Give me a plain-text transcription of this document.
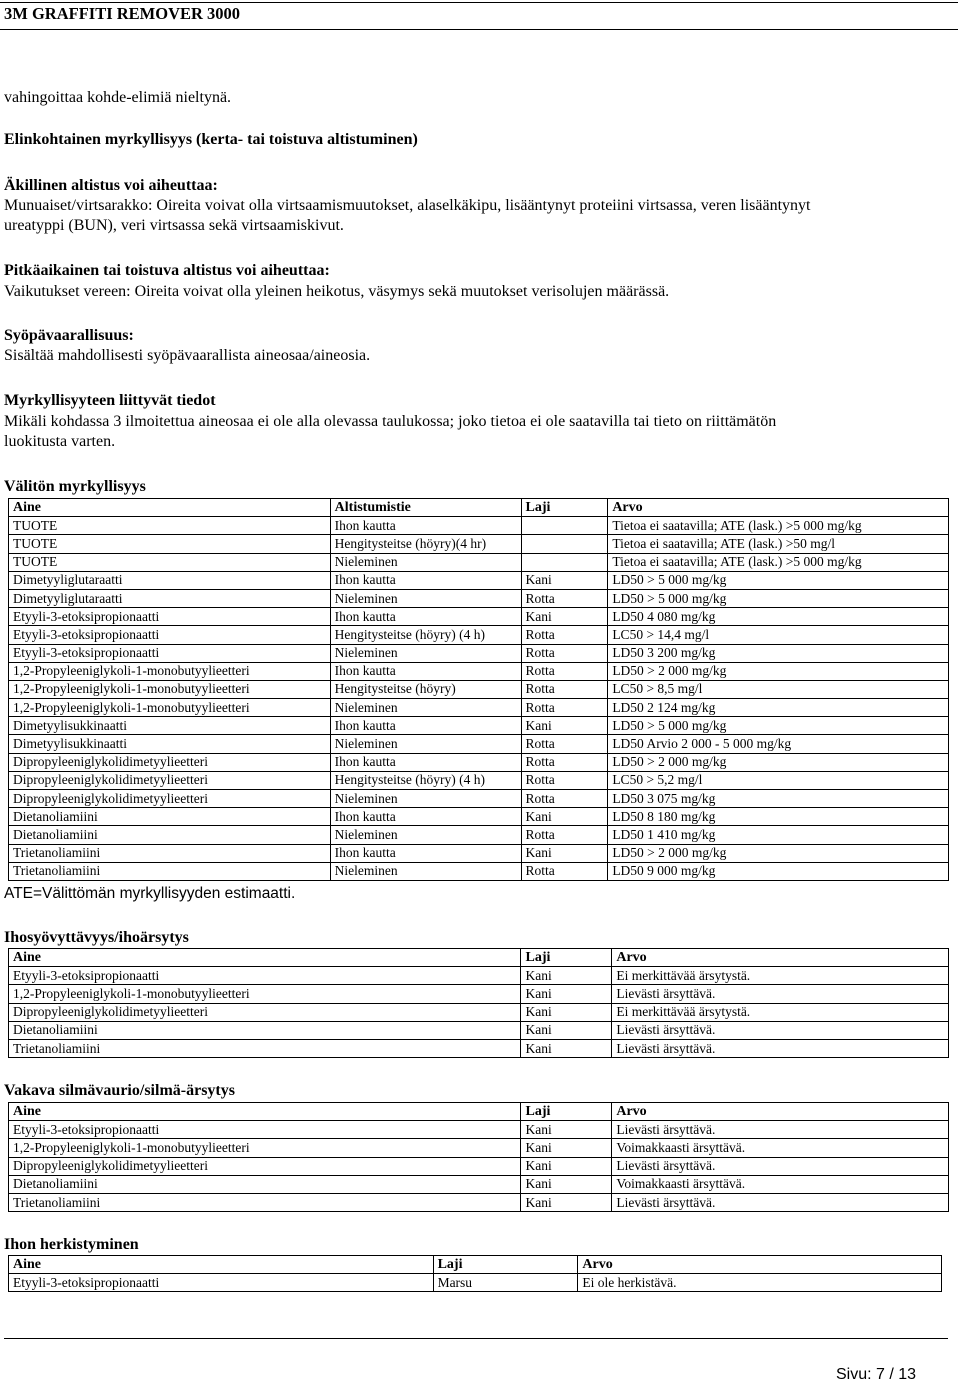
3M GRAFFITI REMOVER 3000
vahingoittaa kohde-elimiä nieltynä.
Elinkohtainen myrkyllisyys (kerta- tai toistuva altistuminen)
Äkillinen altistus voi aiheuttaa:
Munuaiset/virtsarakko: Oireita voivat olla virtsaamismuutokset, alaselkäkipu, lisääntynyt proteiini virtsassa, veren lisääntynyt
ureatyppi (BUN), veri virtsassa sekä virtsaamiskivut.
Pitkäaikainen tai toistuva altistus voi aiheuttaa:
Vaikutukset vereen: Oireita voivat olla yleinen heikotus, väsymys sekä muutokset verisolujen määrässä.
Syöpävaarallisuus:
Sisältää mahdollisesti syöpävaarallista aineosaa/aineosia.
Myrkyllisyyteen liittyvät tiedot
Mikäli kohdassa 3 ilmoitettua aineosaa ei ole alla olevassa taulukossa; joko tietoa ei ole saatavilla tai tieto on riittämätön
luokitusta varten.
Välitön myrkyllisyys
Aine	Altistumistie	Laji	Arvo
TUOTE	Ihon kautta		Tietoa ei saatavilla; ATE (lask.) >5 000 mg/kg
TUOTE	Hengitysteitse (höyry)(4 hr)		Tietoa ei saatavilla; ATE (lask.) >50 mg/l
TUOTE	Nieleminen		Tietoa ei saatavilla; ATE (lask.) >5 000 mg/kg
Dimetyyliglutaraatti	Ihon kautta	Kani	LD50 > 5 000 mg/kg
Dimetyyliglutaraatti	Nieleminen	Rotta	LD50 > 5 000 mg/kg
Etyyli-3-etoksipropionaatti	Ihon kautta	Kani	LD50 4 080 mg/kg
Etyyli-3-etoksipropionaatti	Hengitysteitse (höyry) (4 h)	Rotta	LC50 > 14,4 mg/l
Etyyli-3-etoksipropionaatti	Nieleminen	Rotta	LD50 3 200 mg/kg
1,2-Propyleeniglykoli-1-monobutyylieetteri	Ihon kautta	Rotta	LD50 > 2 000 mg/kg
1,2-Propyleeniglykoli-1-monobutyylieetteri	Hengitysteitse (höyry)	Rotta	LC50 > 8,5 mg/l
1,2-Propyleeniglykoli-1-monobutyylieetteri	Nieleminen	Rotta	LD50 2 124 mg/kg
Dimetyylisukkinaatti	Ihon kautta	Kani	LD50 > 5 000 mg/kg
Dimetyylisukkinaatti	Nieleminen	Rotta	LD50 Arvio 2 000 - 5 000 mg/kg
Dipropyleeniglykolidimetyylieetteri	Ihon kautta	Rotta	LD50 > 2 000 mg/kg
Dipropyleeniglykolidimetyylieetteri	Hengitysteitse (höyry) (4 h)	Rotta	LC50 > 5,2 mg/l
Dipropyleeniglykolidimetyylieetteri	Nieleminen	Rotta	LD50 3 075 mg/kg
Dietanoliamiini	Ihon kautta	Kani	LD50 8 180 mg/kg
Dietanoliamiini	Nieleminen	Rotta	LD50 1 410 mg/kg
Trietanoliamiini	Ihon kautta	Kani	LD50 > 2 000 mg/kg
Trietanoliamiini	Nieleminen	Rotta	LD50 9 000 mg/kg
ATE=Välittömän myrkyllisyyden estimaatti.
Ihosyövyttävyys/ihoärsytys
Aine	Laji	Arvo
Etyyli-3-etoksipropionaatti	Kani	Ei merkittävää ärsytystä.
1,2-Propyleeniglykoli-1-monobutyylieetteri	Kani	Lievästi ärsyttävä.
Dipropyleeniglykolidimetyylieetteri	Kani	Ei merkittävää ärsytystä.
Dietanoliamiini	Kani	Lievästi ärsyttävä.
Trietanoliamiini	Kani	Lievästi ärsyttävä.
Vakava silmävaurio/silmä-ärsytys
Aine	Laji	Arvo
Etyyli-3-etoksipropionaatti	Kani	Lievästi ärsyttävä.
1,2-Propyleeniglykoli-1-monobutyylieetteri	Kani	Voimakkaasti ärsyttävä.
Dipropyleeniglykolidimetyylieetteri	Kani	Lievästi ärsyttävä.
Dietanoliamiini	Kani	Voimakkaasti ärsyttävä.
Trietanoliamiini	Kani	Lievästi ärsyttävä.
Ihon herkistyminen
Aine	Laji	Arvo
Etyyli-3-etoksipropionaatti	Marsu	Ei ole herkistävä.
Sivu: 7 / 13
